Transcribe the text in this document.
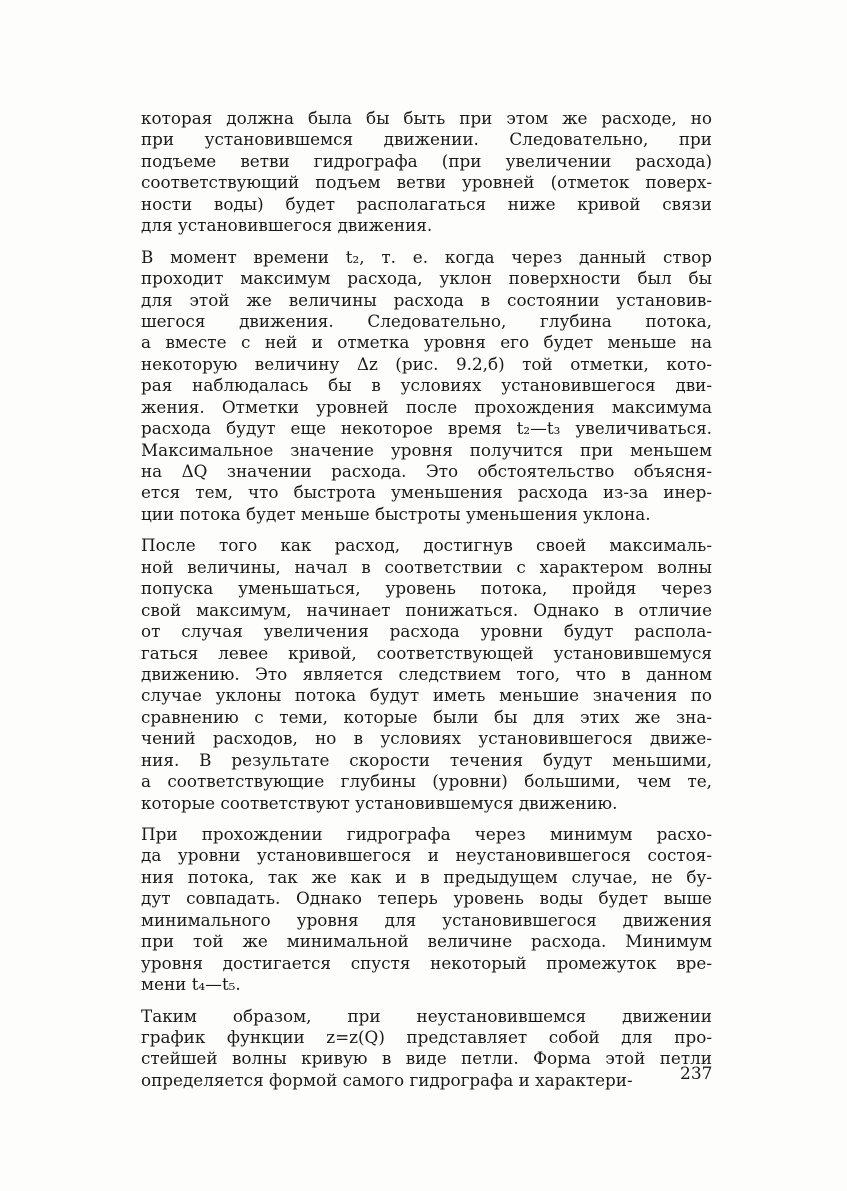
которая должна была бы быть при этом же расходе, но
при установившемся движении. Следовательно, при
подъеме ветви гидрографа (при увеличении расхода)
соответствующий подъем ветви уровней (отметок поверх-
ности воды) будет располагаться ниже кривой связи
для установившегося движения.
В момент времени t₂, т. е. когда через данный створ
проходит максимум расхода, уклон поверхности был бы
для этой же величины расхода в состоянии установив-
шегося движения. Следовательно, глубина потока,
а вместе с ней и отметка уровня его будет меньше на
некоторую величину Δz (рис. 9.2,б) той отметки, кото-
рая наблюдалась бы в условиях установившегося дви-
жения. Отметки уровней после прохождения максимума
расхода будут еще некоторое время t₂—t₃ увеличиваться.
Максимальное значение уровня получится при меньшем
на ΔQ значении расхода. Это обстоятельство объясня-
ется тем, что быстрота уменьшения расхода из-за инер-
ции потока будет меньше быстроты уменьшения уклона.
После того как расход, достигнув своей максималь-
ной величины, начал в соответствии с характером волны
попуска уменьшаться, уровень потока, пройдя через
свой максимум, начинает понижаться. Однако в отличие
от случая увеличения расхода уровни будут распола-
гаться левее кривой, соответствующей установившемуся
движению. Это является следствием того, что в данном
случае уклоны потока будут иметь меньшие значения по
сравнению с теми, которые были бы для этих же зна-
чений расходов, но в условиях установившегося движе-
ния. В результате скорости течения будут меньшими,
а соответствующие глубины (уровни) большими, чем те,
которые соответствуют установившемуся движению.
При прохождении гидрографа через минимум расхо-
да уровни установившегося и неустановившегося состоя-
ния потока, так же как и в предыдущем случае, не бу-
дут совпадать. Однако теперь уровень воды будет выше
минимального уровня для установившегося движения
при той же минимальной величине расхода. Минимум
уровня достигается спустя некоторый промежуток вре-
мени t₄—t₅.
Таким образом, при неустановившемся движении
график функции z=z(Q) представляет собой для про-
стейшей волны кривую в виде петли. Форма этой петли
определяется формой самого гидрографа и характери-	237
